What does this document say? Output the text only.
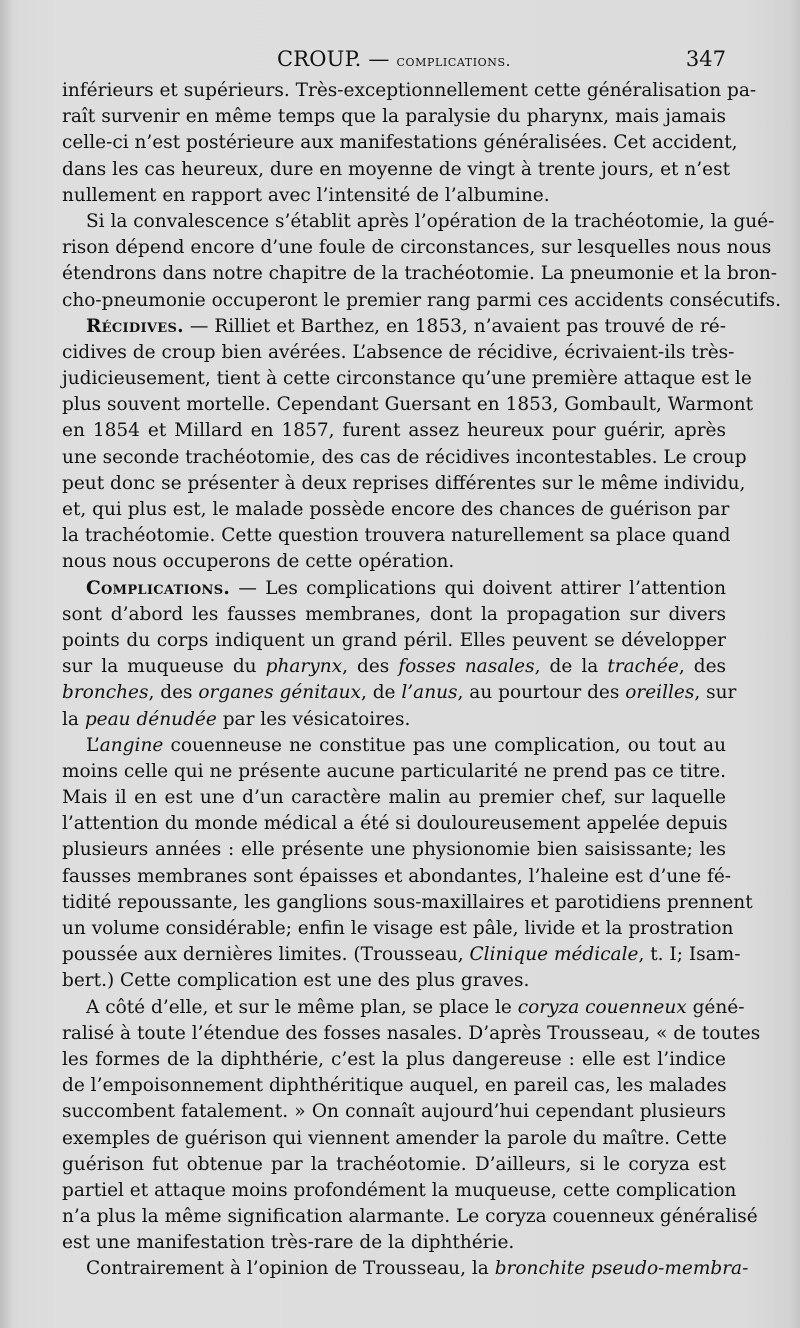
CROUP. — complications.	347
inférieurs et supérieurs. Très-exceptionnellement cette généralisation pa-
raît survenir en même temps que la paralysie du pharynx, mais jamais
celle-ci n’est postérieure aux manifestations généralisées. Cet accident,
dans les cas heureux, dure en moyenne de vingt à trente jours, et n’est
nullement en rapport avec l’intensité de l’albumine.
Si la convalescence s’établit après l’opération de la trachéotomie, la gué-
rison dépend encore d’une foule de circonstances, sur lesquelles nous nous
étendrons dans notre chapitre de la trachéotomie. La pneumonie et la bron-
cho-pneumonie occuperont le premier rang parmi ces accidents consécutifs.
Récidives. — Rilliet et Barthez, en 1853, n’avaient pas trouvé de ré-
cidives de croup bien avérées. L’absence de récidive, écrivaient-ils très-
judicieusement, tient à cette circonstance qu’une première attaque est le
plus souvent mortelle. Cependant Guersant en 1853, Gombault, Warmont
en 1854 et Millard en 1857, furent assez heureux pour guérir, après
une seconde trachéotomie, des cas de récidives incontestables. Le croup
peut donc se présenter à deux reprises différentes sur le même individu,
et, qui plus est, le malade possède encore des chances de guérison par
la trachéotomie. Cette question trouvera naturellement sa place quand
nous nous occuperons de cette opération.
Complications. — Les complications qui doivent attirer l’attention
sont d’abord les fausses membranes, dont la propagation sur divers
points du corps indiquent un grand péril. Elles peuvent se développer
sur la muqueuse du pharynx, des fosses nasales, de la trachée, des
bronches, des organes génitaux, de l’anus, au pourtour des oreilles, sur
la peau dénudée par les vésicatoires.
L’angine couenneuse ne constitue pas une complication, ou tout au
moins celle qui ne présente aucune particularité ne prend pas ce titre.
Mais il en est une d’un caractère malin au premier chef, sur laquelle
l’attention du monde médical a été si douloureusement appelée depuis
plusieurs années : elle présente une physionomie bien saisissante; les
fausses membranes sont épaisses et abondantes, l’haleine est d’une fé-
tidité repoussante, les ganglions sous-maxillaires et parotidiens prennent
un volume considérable; enfin le visage est pâle, livide et la prostration
poussée aux dernières limites. (Trousseau, Clinique médicale, t. I; Isam-
bert.) Cette complication est une des plus graves.
A côté d’elle, et sur le même plan, se place le coryza couenneux géné-
ralisé à toute l’étendue des fosses nasales. D’après Trousseau, « de toutes
les formes de la diphthérie, c’est la plus dangereuse : elle est l’indice
de l’empoisonnement diphthéritique auquel, en pareil cas, les malades
succombent fatalement. » On connaît aujourd’hui cependant plusieurs
exemples de guérison qui viennent amender la parole du maître. Cette
guérison fut obtenue par la trachéotomie. D’ailleurs, si le coryza est
partiel et attaque moins profondément la muqueuse, cette complication
n’a plus la même signification alarmante. Le coryza couenneux généralisé
est une manifestation très-rare de la diphthérie.
Contrairement à l’opinion de Trousseau, la bronchite pseudo-membra-
